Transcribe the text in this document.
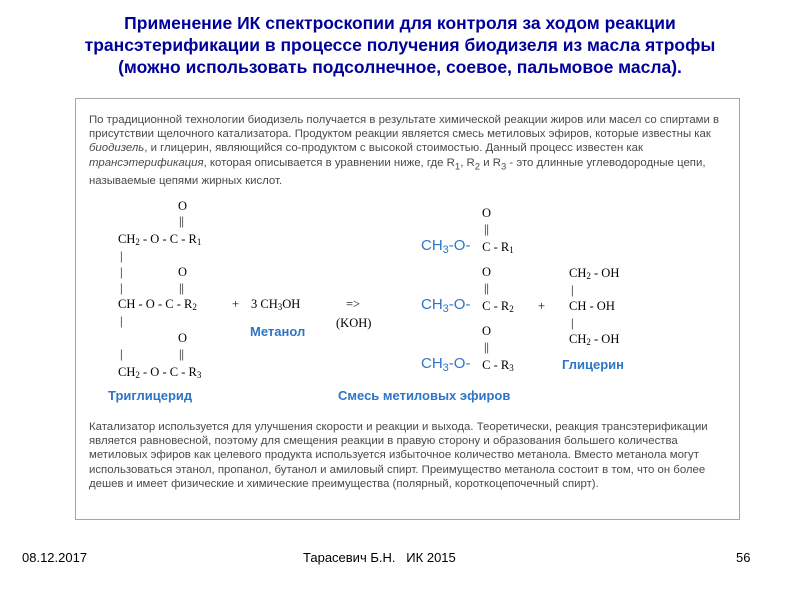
Применение ИК спектроскопии для контроля за ходом реакции
трансэтерификации в процессе получения биодизеля из масла ятрофы
(можно использовать подсолнечное, соевое, пальмовое масла).
По традиционной технологии биодизель получается в результате химической реакции жиров или масел со спиртами в присутствии щелочного катализатора. Продуктом реакции является смесь метиловых эфиров, которые известны как биодизель, и глицерин, являющийся со-продуктом с высокой стоимостью. Данный процесс известен как трансэтерификация, которая описывается в уравнении ниже, где $R_1$, $R_2$ и $R_3$ - это длинные углеводородные цепи, называемые цепями жирных кислот.
O
||
$CH_2$ - O - C - $R_1$
|
|	O
|	||
CH - O - C - $R_2$
|
O
|	||
$CH_2$ - O - C - $R_3$
+ 3 $CH_3OH$	=>
(KOH)
O
||
$CH_3-O-$ C - $R_1$
O
||
$CH_3-O-$ C - $R_2$
O
||
$CH_3-O-$ C - $R_3$
+
$CH_2$ - OH
|
CH - OH
|
$CH_2$ - OH
Метанол
Триглицерид	Смесь метиловых эфиров
Глицерин
Катализатор используется для улучшения скорости и реакции и выхода. Теоретически, реакция трансэтерификации является равновесной, поэтому для смещения реакции в правую сторону и образования большего количества метиловых эфиров как целевого продукта используется избыточное количество метанола. Вместо метанола могут использоваться этанол, пропанол, бутанол и амиловый спирт. Преимущество метанола состоит в том, что он более дешев и имеет физические и химические преимущества (полярный, короткоцепочечный спирт).
08.12.2017	Тарасевич Б.Н.   ИК 2015	56
